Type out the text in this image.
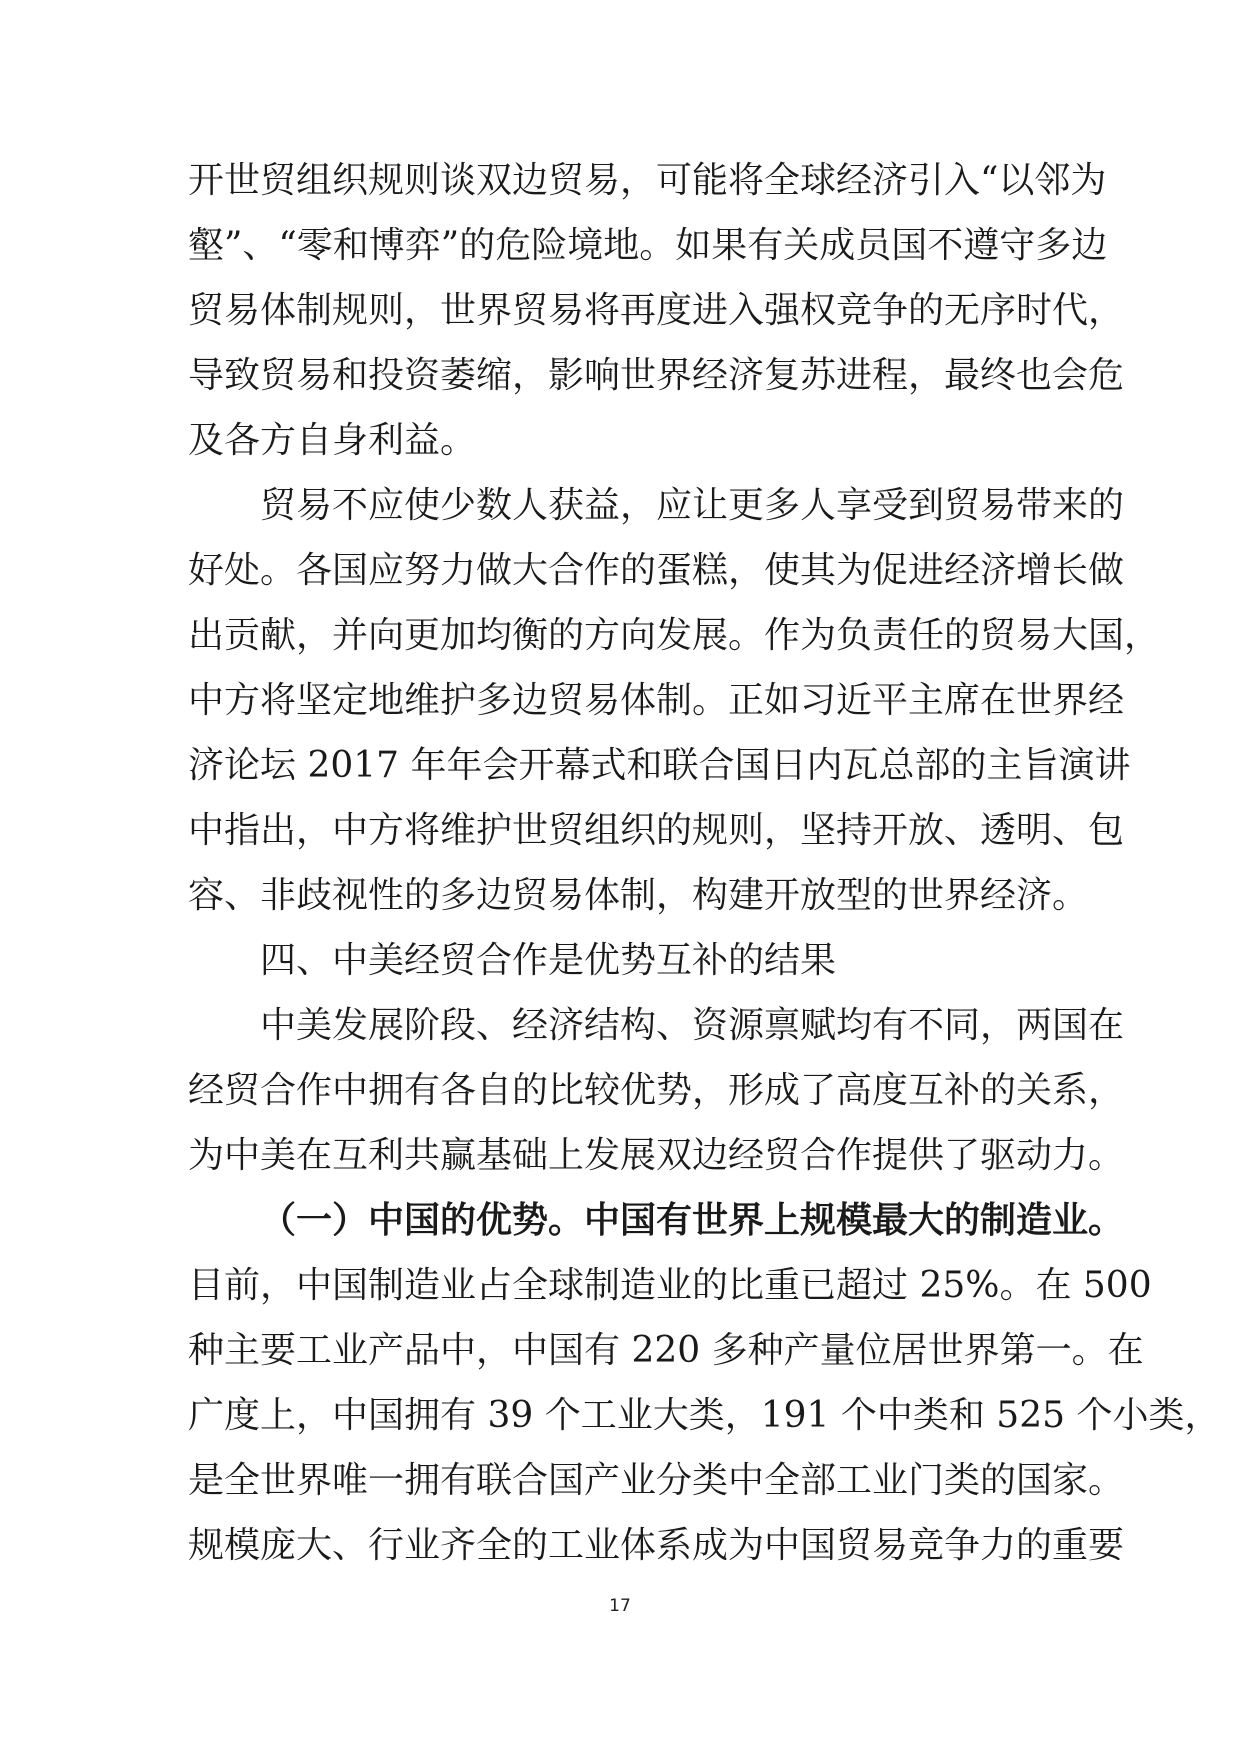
开世贸组织规则谈双边贸易，可能将全球经济引入“以邻为
壑”、“零和博弈”的危险境地。如果有关成员国不遵守多边
贸易体制规则，世界贸易将再度进入强权竞争的无序时代，
导致贸易和投资萎缩，影响世界经济复苏进程，最终也会危
及各方自身利益。
贸易不应使少数人获益，应让更多人享受到贸易带来的
好处。各国应努力做大合作的蛋糕，使其为促进经济增长做
出贡献，并向更加均衡的方向发展。作为负责任的贸易大国，
中方将坚定地维护多边贸易体制。正如习近平主席在世界经
济论坛 2017 年年会开幕式和联合国日内瓦总部的主旨演讲
中指出，中方将维护世贸组织的规则，坚持开放、透明、包
容、非歧视性的多边贸易体制，构建开放型的世界经济。
四、中美经贸合作是优势互补的结果
中美发展阶段、经济结构、资源禀赋均有不同，两国在
经贸合作中拥有各自的比较优势，形成了高度互补的关系，
为中美在互利共赢基础上发展双边经贸合作提供了驱动力。
（一）中国的优势。中国有世界上规模最大的制造业。
目前，中国制造业占全球制造业的比重已超过 25%。在 500
种主要工业产品中，中国有 220 多种产量位居世界第一。在
广度上，中国拥有 39 个工业大类，191 个中类和 525 个小类，
是全世界唯一拥有联合国产业分类中全部工业门类的国家。
规模庞大、行业齐全的工业体系成为中国贸易竞争力的重要
17
